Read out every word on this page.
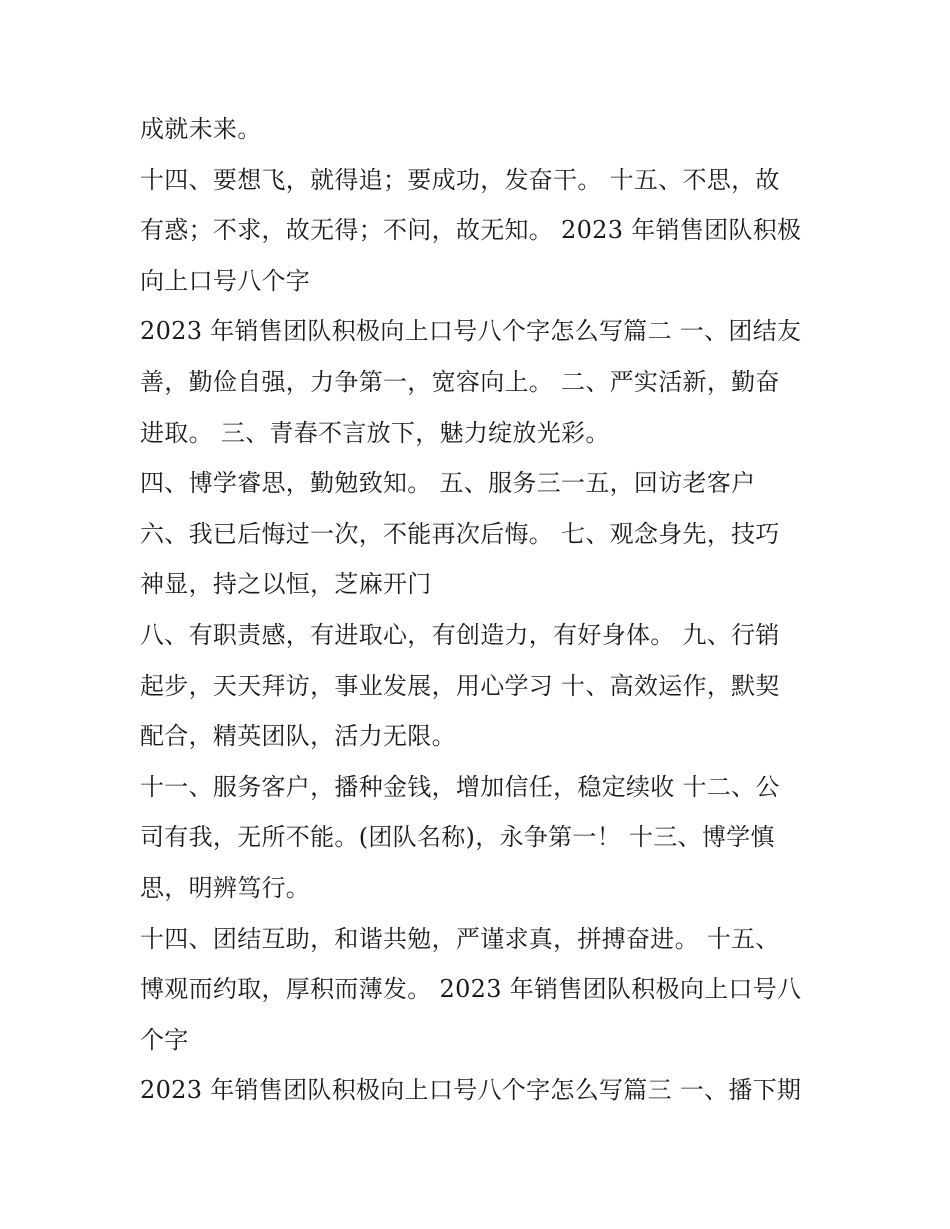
成就未来。
十四、要想飞，就得追；要成功，发奋干。 十五、不思，故
有惑；不求，故无得；不问，故无知。 2023 年销售团队积极
向上口号八个字
2023 年销售团队积极向上口号八个字怎么写篇二 一、团结友
善，勤俭自强，力争第一，宽容向上。 二、严实活新，勤奋
进取。 三、青春不言放下，魅力绽放光彩。
四、博学睿思，勤勉致知。 五、服务三一五，回访老客户
六、我已后悔过一次，不能再次后悔。 七、观念身先，技巧
神显，持之以恒，芝麻开门
八、有职责感，有进取心，有创造力，有好身体。 九、行销
起步，天天拜访，事业发展，用心学习 十、高效运作，默契
配合，精英团队，活力无限。
十一、服务客户，播种金钱，增加信任，稳定续收 十二、公
司有我，无所不能。(团队名称)，永争第一！ 十三、博学慎
思，明辨笃行。
十四、团结互助，和谐共勉，严谨求真，拼搏奋进。 十五、
博观而约取，厚积而薄发。 2023 年销售团队积极向上口号八
个字
2023 年销售团队积极向上口号八个字怎么写篇三 一、播下期
